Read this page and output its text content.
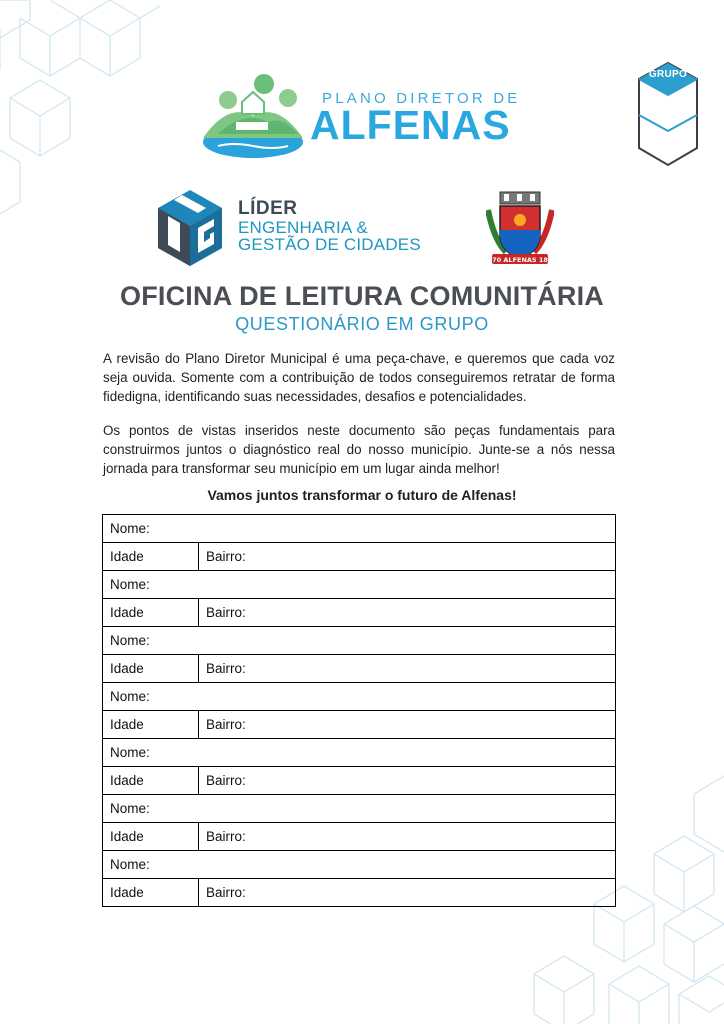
GRUPO
PLANO DIRETOR DE
ALFENAS
LÍDER
ENGENHARIA &
GESTÃO DE CIDADES
1870 ALFENAS 1890
OFICINA DE LEITURA COMUNITÁRIA
QUESTIONÁRIO EM GRUPO
A revisão do Plano Diretor Municipal é uma peça-chave, e queremos que cada voz seja ouvida. Somente com a contribuição de todos conseguiremos retratar de forma fidedigna, identificando suas necessidades, desafios e potencialidades.
Os pontos de vistas inseridos neste documento são peças fundamentais para construirmos juntos o diagnóstico real do nosso município. Junte-se a nós nessa jornada para transformar seu município em um lugar ainda melhor!
Vamos juntos transformar o futuro de Alfenas!
Nome:	
Idade	Bairro:
Nome:	
Idade	Bairro:
Nome:	
Idade	Bairro:
Nome:	
Idade	Bairro:
Nome:	
Idade	Bairro:
Nome:	
Idade	Bairro:
Nome:	
Idade	Bairro:
